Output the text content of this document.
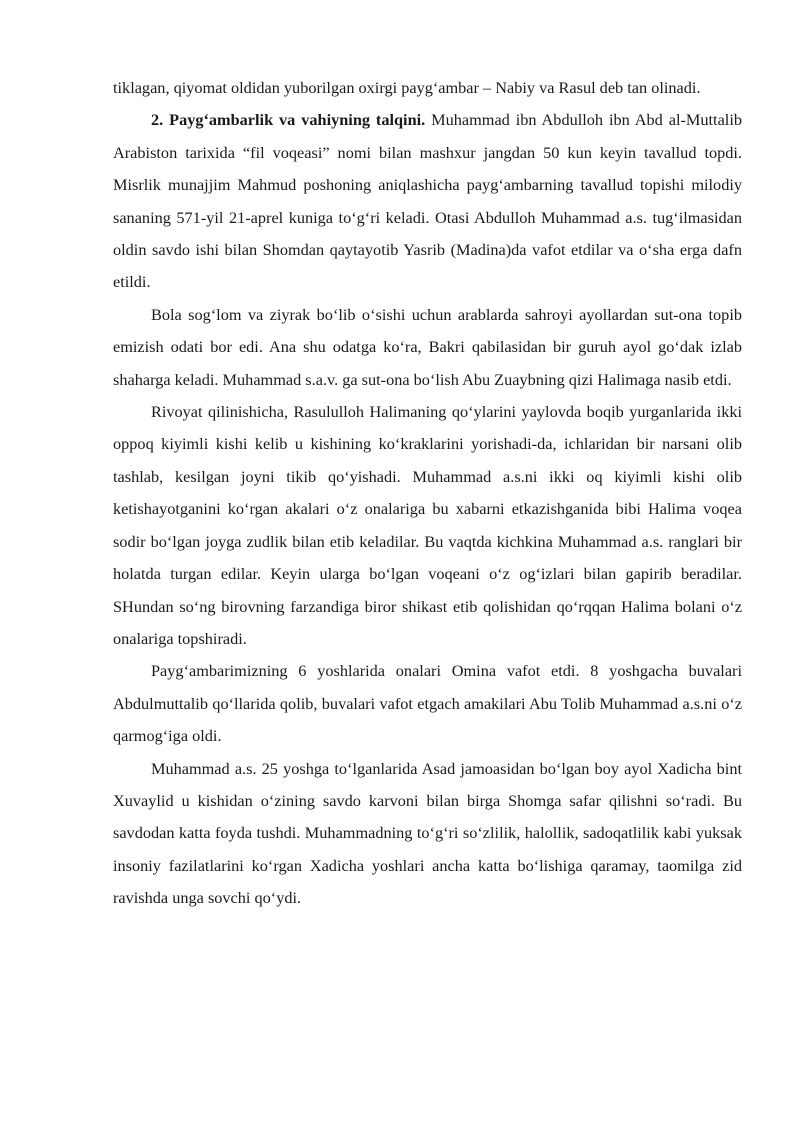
tiklagan, qiyomat oldidan yuborilgan oxirgi payg‘ambar – Nabiy va Rasul deb tan olinadi.

2. Payg‘ambarlik va vahiyning talqini. Muhammad ibn Abdulloh ibn Abd al-Muttalib Arabiston tarixida “fil voqeasi” nomi bilan mashxur jangdan 50 kun keyin tavallud topdi. Misrlik munajjim Mahmud poshoning aniqlashicha payg‘ambarning tavallud topishi milodiy sananing 571-yil 21-aprel kuniga to‘g‘ri keladi. Otasi Abdulloh Muhammad a.s. tug‘ilmasidan oldin savdo ishi bilan Shomdan qaytayotib Yasrib (Madina)da vafot etdilar va o‘sha erga dafn etildi.

Bola sog‘lom va ziyrak bo‘lib o‘sishi uchun arablarda sahroyi ayollardan sut-ona topib emizish odati bor edi. Ana shu odatga ko‘ra, Bakri qabilasidan bir guruh ayol go‘dak izlab shaharga keladi. Muhammad s.a.v. ga sut-ona bo‘lish Abu Zuaybning qizi Halimaga nasib etdi.

Rivoyat qilinishicha, Rasululloh Halimaning qo‘ylarini yaylovda boqib yurganlarida ikki oppoq kiyimli kishi kelib u kishining ko‘kraklarini yorishadi-da, ichlaridan bir narsani olib tashlab, kesilgan joyni tikib qo‘yishadi. Muhammad a.s.ni ikki oq kiyimli kishi olib ketishayotganini ko‘rgan akalari o‘z onalariga bu xabarni etkazishganida bibi Halima voqea sodir bo‘lgan joyga zudlik bilan etib keladilar. Bu vaqtda kichkina Muhammad a.s. ranglari bir holatda turgan edilar. Keyin ularga bo‘lgan voqeani o‘z og‘izlari bilan gapirib beradilar. SHundan so‘ng birovning farzandiga biror shikast etib qolishidan qo‘rqqan Halima bolani o‘z onalariga topshiradi.

Payg‘ambarimizning 6 yoshlarida onalari Omina vafot etdi. 8 yoshgacha buvalari Abdulmuttalib qo‘llarida qolib, buvalari vafot etgach amakilari Abu Tolib Muhammad a.s.ni o‘z qarmog‘iga oldi.

Muhammad a.s. 25 yoshga to‘lganlarida Asad jamoasidan bo‘lgan boy ayol Xadicha bint Xuvaylid u kishidan o‘zining savdo karvoni bilan birga Shomga safar qilishni so‘radi. Bu savdodan katta foyda tushdi. Muhammadning to‘g‘ri so‘zlilik, halollik, sadoqatlilik kabi yuksak insoniy fazilatlarini ko‘rgan Xadicha yoshlari ancha katta bo‘lishiga qaramay, taomilga zid ravishda unga sovchi qo‘ydi.
